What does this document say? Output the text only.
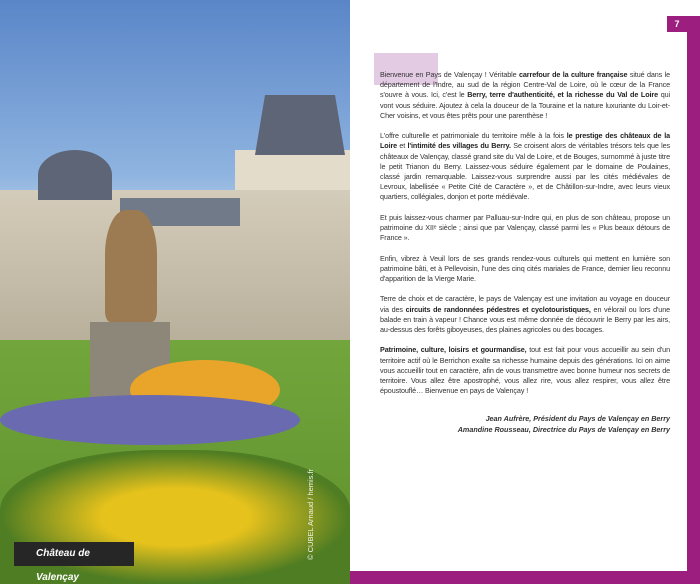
Château de Valençay
© CUBEL Arnaud / hemis.fr
7

Bienvenue en Pays de Valençay ! Véritable carrefour de la culture française situé dans le département de l'Indre, au sud de la région Centre-Val de Loire, où le cœur de la France s'ouvre à vous. Ici, c'est le Berry, terre d'authenticité, et la richesse du Val de Loire qui vont vous séduire. Ajoutez à cela la douceur de la Touraine et la nature luxuriante du Loir-et-Cher voisins, et vous êtes prêts pour une parenthèse !

L'offre culturelle et patrimoniale du territoire mêle à la fois le prestige des châteaux de la Loire et l'intimité des villages du Berry. Se croisent alors de véritables trésors tels que les châteaux de Valençay, classé grand site du Val de Loire, et de Bouges, surnommé à juste titre le petit Trianon du Berry. Laissez-vous séduire également par le domaine de Poulaines, classé jardin remarquable. Laissez-vous surprendre aussi par les cités médiévales de Levroux, labellisée « Petite Cité de Caractère », et de Châtillon-sur-Indre, avec leurs vieux quartiers, collégiales, donjon et porte médiévale.

Et puis laissez-vous charmer par Palluau-sur-Indre qui, en plus de son château, propose un patrimoine du XIIᵉ siècle ; ainsi que par Valençay, classé parmi les « Plus beaux détours de France ».

Enfin, vibrez à Veuil lors de ses grands rendez-vous culturels qui mettent en lumière son patrimoine bâti, et à Pellevoisin, l'une des cinq cités mariales de France, dernier lieu reconnu d'apparition de la Vierge Marie.

Terre de choix et de caractère, le pays de Valençay est une invitation au voyage en douceur via des circuits de randonnées pédestres et cyclotouristiques, en vélorail ou lors d'une balade en train à vapeur ! Chance vous est même donnée de découvrir le Berry par les airs, au-dessus des forêts giboyeuses, des plaines agricoles ou des bocages.

Patrimoine, culture, loisirs et gourmandise, tout est fait pour vous accueillir au sein d'un territoire actif où le Berrichon exalte sa richesse humaine depuis des générations. Ici on aime vous accueillir tout en caractère, afin de vous transmettre avec bonne humeur nos secrets de territoire. Vous allez être apostrophé, vous allez rire, vous allez respirer, vous allez être époustouflé… Bienvenue en pays de Valençay !

Jean Aufrère, Président du Pays de Valençay en Berry
Amandine Rousseau, Directrice du Pays de Valençay en Berry
